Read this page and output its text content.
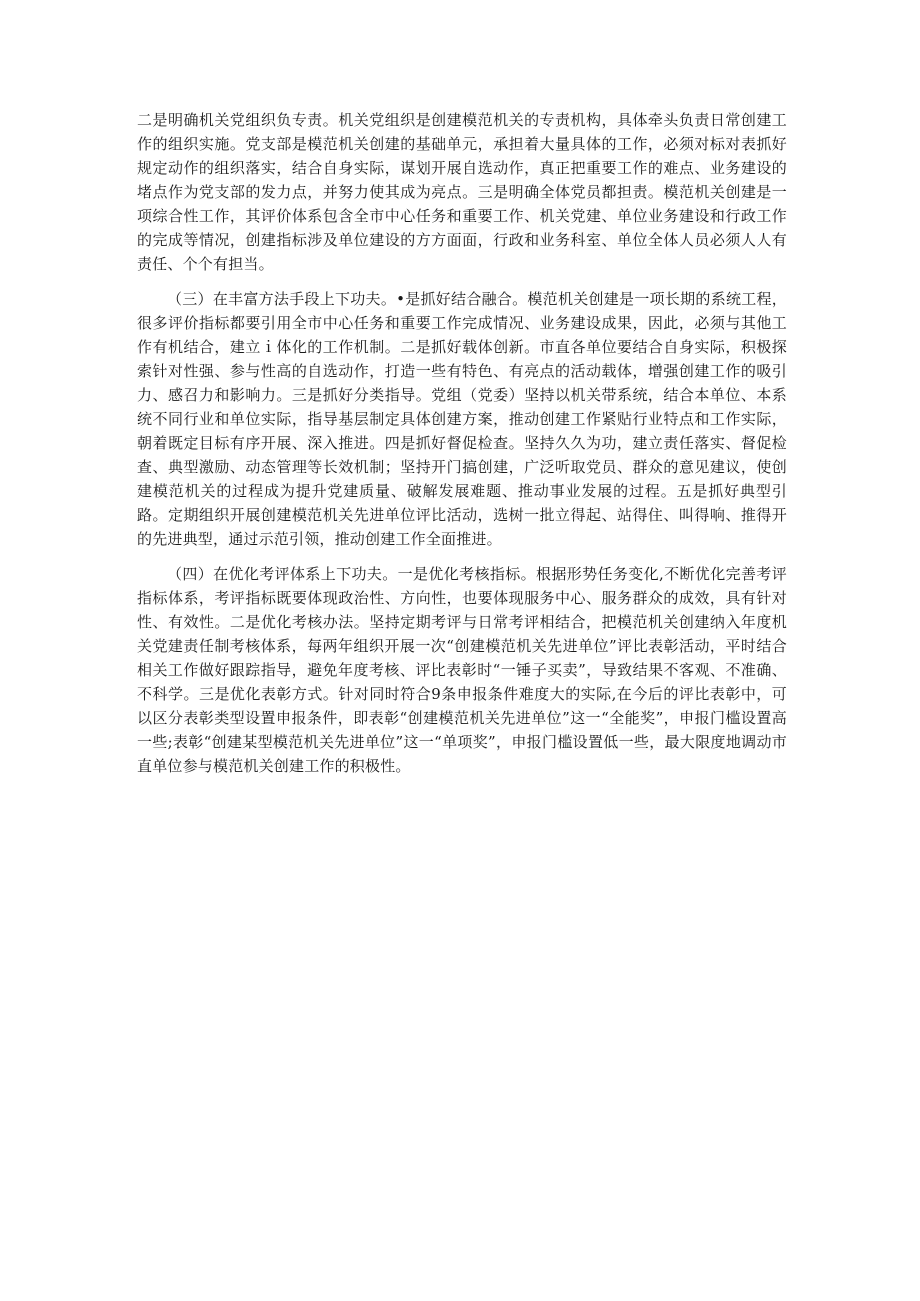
二是明确机关党组织负专责。机关党组织是创建模范机关的专责机构，具体牵头负责日常创建工作的组织实施。党支部是模范机关创建的基础单元，承担着大量具体的工作，必须对标对表抓好规定动作的组织落实，结合自身实际，谋划开展自选动作，真正把重要工作的难点、业务建设的堵点作为党支部的发力点，并努力使其成为亮点。三是明确全体党员都担责。模范机关创建是一项综合性工作，其评价体系包含全市中心任务和重要工作、机关党建、单位业务建设和行政工作的完成等情况，创建指标涉及单位建设的方方面面，行政和业务科室、单位全体人员必须人人有责任、个个有担当。

（三）在丰富方法手段上下功夫。•是抓好结合融合。模范机关创建是一项长期的系统工程，很多评价指标都要引用全市中心任务和重要工作完成情况、业务建设成果，因此，必须与其他工作有机结合，建立ｉ体化的工作机制。二是抓好载体创新。市直各单位要结合自身实际，积极探索针对性强、参与性高的自选动作，打造一些有特色、有亮点的活动载体，增强创建工作的吸引力、感召力和影响力。三是抓好分类指导。党组（党委）坚持以机关带系统，结合本单位、本系统不同行业和单位实际，指导基层制定具体创建方案，推动创建工作紧贴行业特点和工作实际，朝着既定目标有序开展、深入推进。四是抓好督促检查。坚持久久为功，建立责任落实、督促检查、典型激励、动态管理等长效机制；坚持开门搞创建，广泛听取党员、群众的意见建议，使创建模范机关的过程成为提升党建质量、破解发展难题、推动事业发展的过程。五是抓好典型引路。定期组织开展创建模范机关先进单位评比活动，选树一批立得起、站得住、叫得响、推得开的先进典型，通过示范引领，推动创建工作全面推进。

（四）在优化考评体系上下功夫。一是优化考核指标。根据形势任务变化,不断优化完善考评指标体系，考评指标既要体现政治性、方向性，也要体现服务中心、服务群众的成效，具有针对性、有效性。二是优化考核办法。坚持定期考评与日常考评相结合，把模范机关创建纳入年度机关党建责任制考核体系，每两年组织开展一次“创建模范机关先进单位”评比表彰活动，平时结合相关工作做好跟踪指导，避免年度考核、评比表彰时“一锤子买卖”，导致结果不客观、不准确、不科学。三是优化表彰方式。针对同时符合9条申报条件难度大的实际,在今后的评比表彰中，可以区分表彰类型设置申报条件，即表彰“创建模范机关先进单位”这一“全能奖”，申报门槛设置高一些;表彰“创建某型模范机关先进单位”这一“单项奖”，申报门槛设置低一些，最大限度地调动市直单位参与模范机关创建工作的积极性。
